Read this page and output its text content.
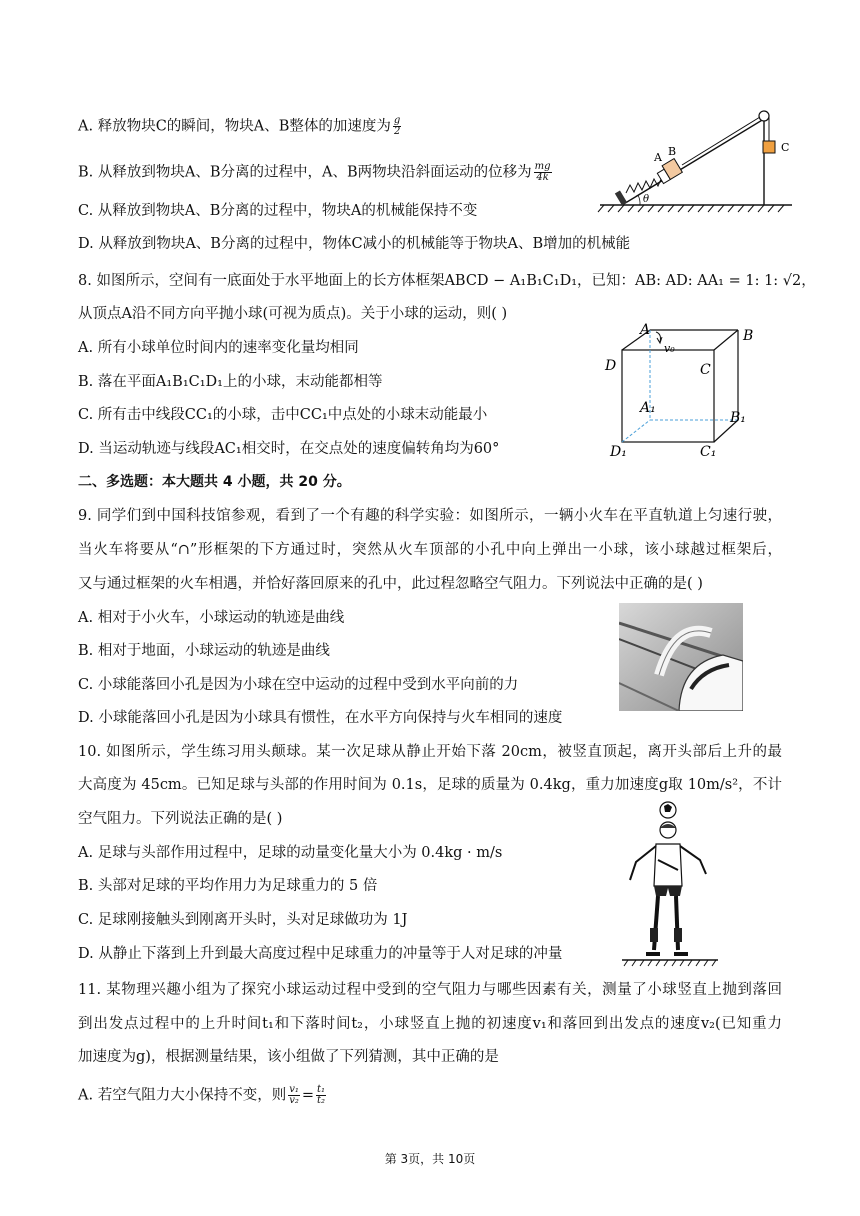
A. 释放物块C的瞬间，物块A、B整体的加速度为 $\frac{g}{2}$
B. 从释放到物块A、B分离的过程中，A、B两物块沿斜面运动的位移为 $\frac{mg}{4k}$
C. 从释放到物块A、B分离的过程中，物块A的机械能保持不变
D. 从释放到物块A、B分离的过程中，物体C减小的机械能等于物块A、B增加的机械能
A B	C
θ
8. 如图所示，空间有一底面处于水平地面上的长方体框架ABCD − A₁B₁C₁D₁，已知：AB: AD: AA₁ = 1: 1: √2，
从顶点A沿不同方向平抛小球(可视为质点)。关于小球的运动，则( )
A. 所有小球单位时间内的速率变化量均相同
B. 落在平面A₁B₁C₁D₁上的小球，末动能都相等
C. 所有击中线段CC₁的小球，击中CC₁中点处的小球末动能最小
D. 当运动轨迹与线段AC₁相交时，在交点处的速度偏转角均为60°
A	B
C
D
A₁
B₁
C₁
D₁
v₀
二、多选题：本大题共 4 小题，共 20 分。
9. 同学们到中国科技馆参观，看到了一个有趣的科学实验：如图所示，一辆小火车在平直轨道上匀速行驶，
当火车将要从“∩”形框架的下方通过时，突然从火车顶部的小孔中向上弹出一小球，该小球越过框架后，
又与通过框架的火车相遇，并恰好落回原来的孔中，此过程忽略空气阻力。下列说法中正确的是( )
A. 相对于小火车，小球运动的轨迹是曲线
B. 相对于地面，小球运动的轨迹是曲线
C. 小球能落回小孔是因为小球在空中运动的过程中受到水平向前的力
D. 小球能落回小孔是因为小球具有惯性，在水平方向保持与火车相同的速度
10. 如图所示，学生练习用头颠球。某一次足球从静止开始下落 20cm，被竖直顶起，离开头部后上升的最
大高度为 45cm。已知足球与头部的作用时间为 0.1s，足球的质量为 0.4kg，重力加速度g取 10m/s²，不计
空气阻力。下列说法正确的是( )
A. 足球与头部作用过程中，足球的动量变化量大小为 0.4kg · m/s
B. 头部对足球的平均作用力为足球重力的 5 倍
C. 足球刚接触头到刚离开头时，头对足球做功为 1J
D. 从静止下落到上升到最大高度过程中足球重力的冲量等于人对足球的冲量
11. 某物理兴趣小组为了探究小球运动过程中受到的空气阻力与哪些因素有关，测量了小球竖直上抛到落回
到出发点过程中的上升时间t₁和下落时间t₂，小球竖直上抛的初速度v₁和落回到出发点的速度v₂(已知重力
加速度为g)，根据测量结果，该小组做了下列猜测，其中正确的是
A. 若空气阻力大小保持不变，则 $\frac{\text{v₁}}{\text{v₂}} = \frac{\text{t₁}}{\text{t₂}}$
第 3页，共 10页
